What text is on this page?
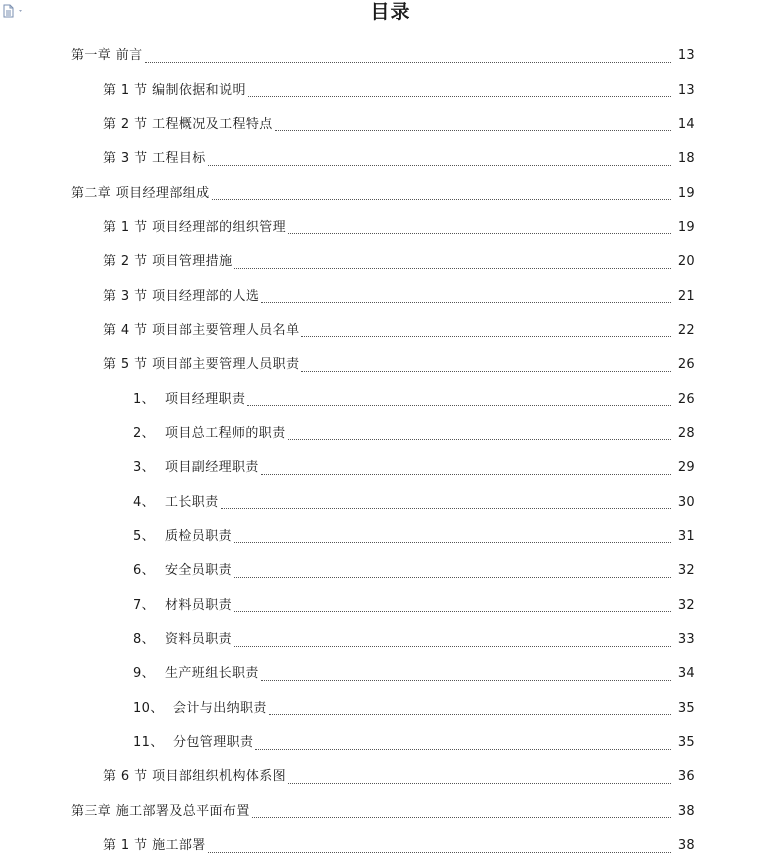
目录
第一章 前言	13
第 1 节 编制依据和说明	13
第 2 节 工程概况及工程特点	14
第 3 节 工程目标	18
第二章 项目经理部组成	19
第 1 节 项目经理部的组织管理	19
第 2 节 项目管理措施	20
第 3 节 项目经理部的人选	21
第 4 节 项目部主要管理人员名单	22
第 5 节 项目部主要管理人员职责	26
1、 项目经理职责	26
2、 项目总工程师的职责	28
3、 项目副经理职责	29
4、 工长职责	30
5、 质检员职责	31
6、 安全员职责	32
7、 材料员职责	32
8、 资料员职责	33
9、 生产班组长职责	34
10、 会计与出纳职责	35
11、 分包管理职责	35
第 6 节 项目部组织机构体系图	36
第三章 施工部署及总平面布置	38
第 1 节 施工部署	38
